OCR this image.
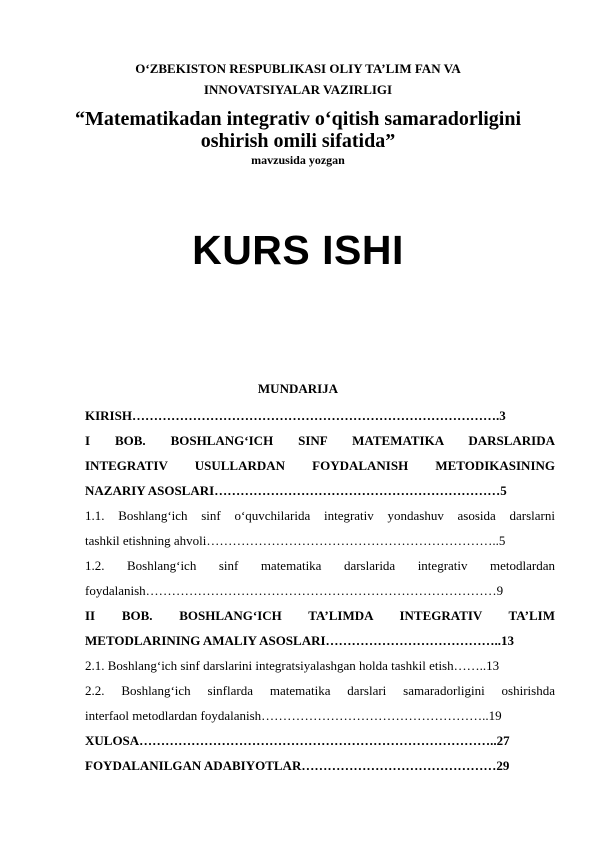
O‘ZBEKISTON RESPUBLIKASI OLIY TA’LIM FAN VA
INNOVATSIYALAR VAZIRLIGI
“Matematikadan integrativ o‘qitish samaradorligini
oshirish omili sifatida”
mavzusida yozgan
KURS ISHI
MUNDARIJA
KIRISH………………………………………………………………………….3
I BOB. BOSHLANG‘ICH SINF MATEMATIKA DARSLARIDA
INTEGRATIV USULLARDAN FOYDALANISH METODIKASINING
NAZARIY ASOSLARI…………………………………………………………5
1.1. Boshlang‘ich sinf o‘quvchilarida integrativ yondashuv asosida darslarni
tashkil etishning ahvoli…………………………………………………………..5
1.2. Boshlang‘ich sinf matematika darslarida integrativ metodlardan
foydalanish………………………………………………………………………9
II BOB. BOSHLANG‘ICH TA’LIMDA INTEGRATIV TA’LIM
METODLARINING AMALIY ASOSLARI…………………………………..13
2.1. Boshlang‘ich sinf darslarini integratsiyalashgan holda tashkil etish……..13
2.2. Boshlang‘ich sinflarda matematika darslari samaradorligini oshirishda
interfaol metodlardan foydalanish……………………………………………..19
XULOSA………………………………………………………………………..27
FOYDALANILGAN ADABIYOTLAR………………………………………29
